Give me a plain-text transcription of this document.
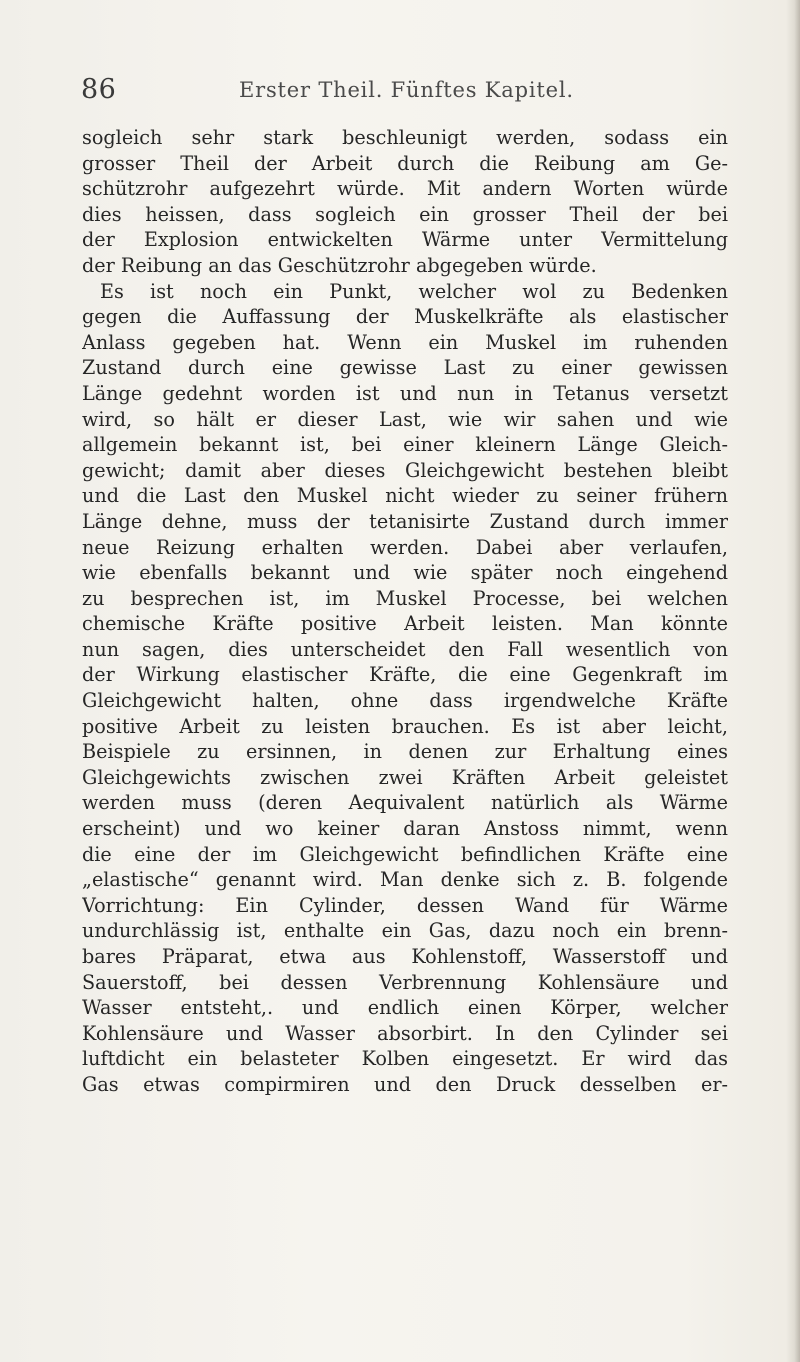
86	Erster Theil. Fünftes Kapitel.
sogleich sehr stark beschleunigt werden, sodass ein
grosser Theil der Arbeit durch die Reibung am Ge-
schützrohr aufgezehrt würde. Mit andern Worten würde
dies heissen, dass sogleich ein grosser Theil der bei
der Explosion entwickelten Wärme unter Vermittelung
der Reibung an das Geschützrohr abgegeben würde.
Es ist noch ein Punkt, welcher wol zu Bedenken
gegen die Auffassung der Muskelkräfte als elastischer
Anlass gegeben hat. Wenn ein Muskel im ruhenden
Zustand durch eine gewisse Last zu einer gewissen
Länge gedehnt worden ist und nun in Tetanus versetzt
wird, so hält er dieser Last, wie wir sahen und wie
allgemein bekannt ist, bei einer kleinern Länge Gleich-
gewicht; damit aber dieses Gleichgewicht bestehen bleibt
und die Last den Muskel nicht wieder zu seiner frühern
Länge dehne, muss der tetanisirte Zustand durch immer
neue Reizung erhalten werden. Dabei aber verlaufen,
wie ebenfalls bekannt und wie später noch eingehend
zu besprechen ist, im Muskel Processe, bei welchen
chemische Kräfte positive Arbeit leisten. Man könnte
nun sagen, dies unterscheidet den Fall wesentlich von
der Wirkung elastischer Kräfte, die eine Gegenkraft im
Gleichgewicht halten, ohne dass irgendwelche Kräfte
positive Arbeit zu leisten brauchen. Es ist aber leicht,
Beispiele zu ersinnen, in denen zur Erhaltung eines
Gleichgewichts zwischen zwei Kräften Arbeit geleistet
werden muss (deren Aequivalent natürlich als Wärme
erscheint) und wo keiner daran Anstoss nimmt, wenn
die eine der im Gleichgewicht befindlichen Kräfte eine
„elastische“ genannt wird. Man denke sich z. B. folgende
Vorrichtung: Ein Cylinder, dessen Wand für Wärme
undurchlässig ist, enthalte ein Gas, dazu noch ein brenn-
bares Präparat, etwa aus Kohlenstoff, Wasserstoff und
Sauerstoff, bei dessen Verbrennung Kohlensäure und
Wasser entsteht,. und endlich einen Körper, welcher
Kohlensäure und Wasser absorbirt. In den Cylinder sei
luftdicht ein belasteter Kolben eingesetzt. Er wird das
Gas etwas compirmiren und den Druck desselben er-
